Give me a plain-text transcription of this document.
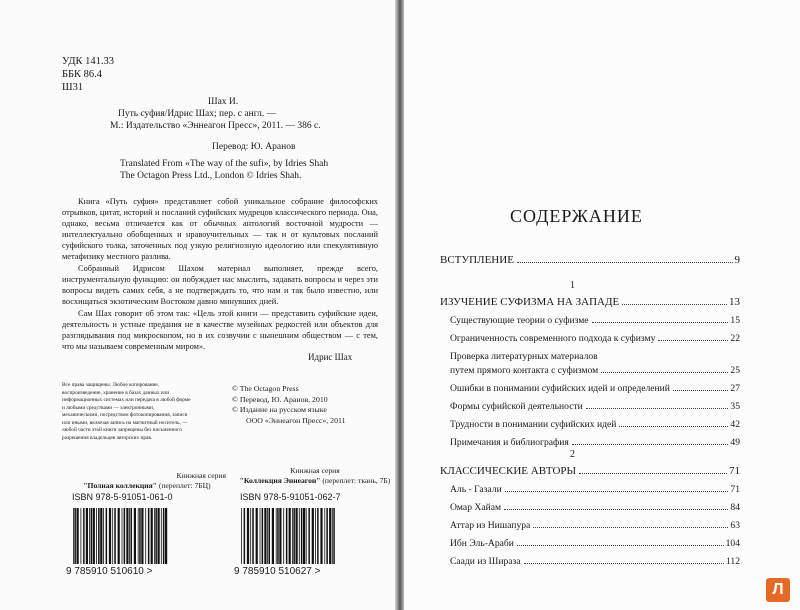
УДК 141.33
ББК 86.4
Ш31
Шах И.
Путь суфия/Идрис Шах; пер. с англ. —
М.: Издательство «Эннеагон Пресс», 2011. — 386 с.
Перевод: Ю. Аранов
Translated From «The way of the sufi», by Idries Shah
The Octagon Press Ltd., London © Idries Shah.

Книга «Путь суфия» представляет собой уникальное собрание философских отрывков, цитат, историй и посланий суфийских мудрецов классического периода. Она, однако, весьма отличается как от обычных антологий восточной мудрости — интеллектуально обобщенных и нравоучительных — так и от культовых посланий суфийского толка, заточенных под узкую религиозную идеологию или спекулятивную метафизику местного разлива.

Собранный Идрисом Шахом материал выполняет, прежде всего, инструментальную функцию: он побуждает нас мыслить, задавать вопросы и через эти вопросы видеть самих себя, а не подтверждать то, что нам и так было известно, или восхищаться экзотическим Востоком давно минувших дней.

Сам Шах говорит об этом так: «Цель этой книги — представить суфийские идеи, деятельность и устные предания не в качестве музейных редкостей или объектов для разглядывания под микроскопом, но в их созвучии с нынешним обществом — с тем, что мы называем современным миром».

Идрис Шах
Все права защищены. Любое копирование, воспроизведение, хранение в базах данных или информационных системах или передача в любой форме и любыми средствами — электронными, механическими, посредством фотокопирования, записи или иными, включая запись на магнитный носитель, — любой части этой книги запрещены без письменного разрешения владельцев авторских прав.
© The Octagon Press
© Перевод, Ю. Аранов, 2010
© Издание на русском языке
ООО «Эннеагон Пресс», 2011
Книжная серия
"Полная коллекция" (переплет: 7БЦ)
Книжная серия
"Коллекция Эннеагон" (переплет: ткань, 7Б)
ISBN 978-5-91051-061-0	ISBN 978-5-91051-062-7
9 785910 510610 >	9 785910 510627 >
СОДЕРЖАНИЕ
ВСТУПЛЕНИЕ	9
1
ИЗУЧЕНИЕ СУФИЗМА НА ЗАПАДЕ	13
Существующие теории о суфизме	15
Ограниченность современного подхода к суфизму	22
Проверка литературных материалов
путем прямого контакта с суфизмом	25
Ошибки в понимании суфийских идей и определений	27
Формы суфийской деятельности	35
Трудности в понимании суфийских идей	42
Примечания и библиография	49
2
КЛАССИЧЕСКИЕ АВТОРЫ	71
Аль - Газали	71
Омар Хайам	84
Аттар из Нишапура	63
Ибн Эль-Араби	104
Саади из Шираза	112
Л
